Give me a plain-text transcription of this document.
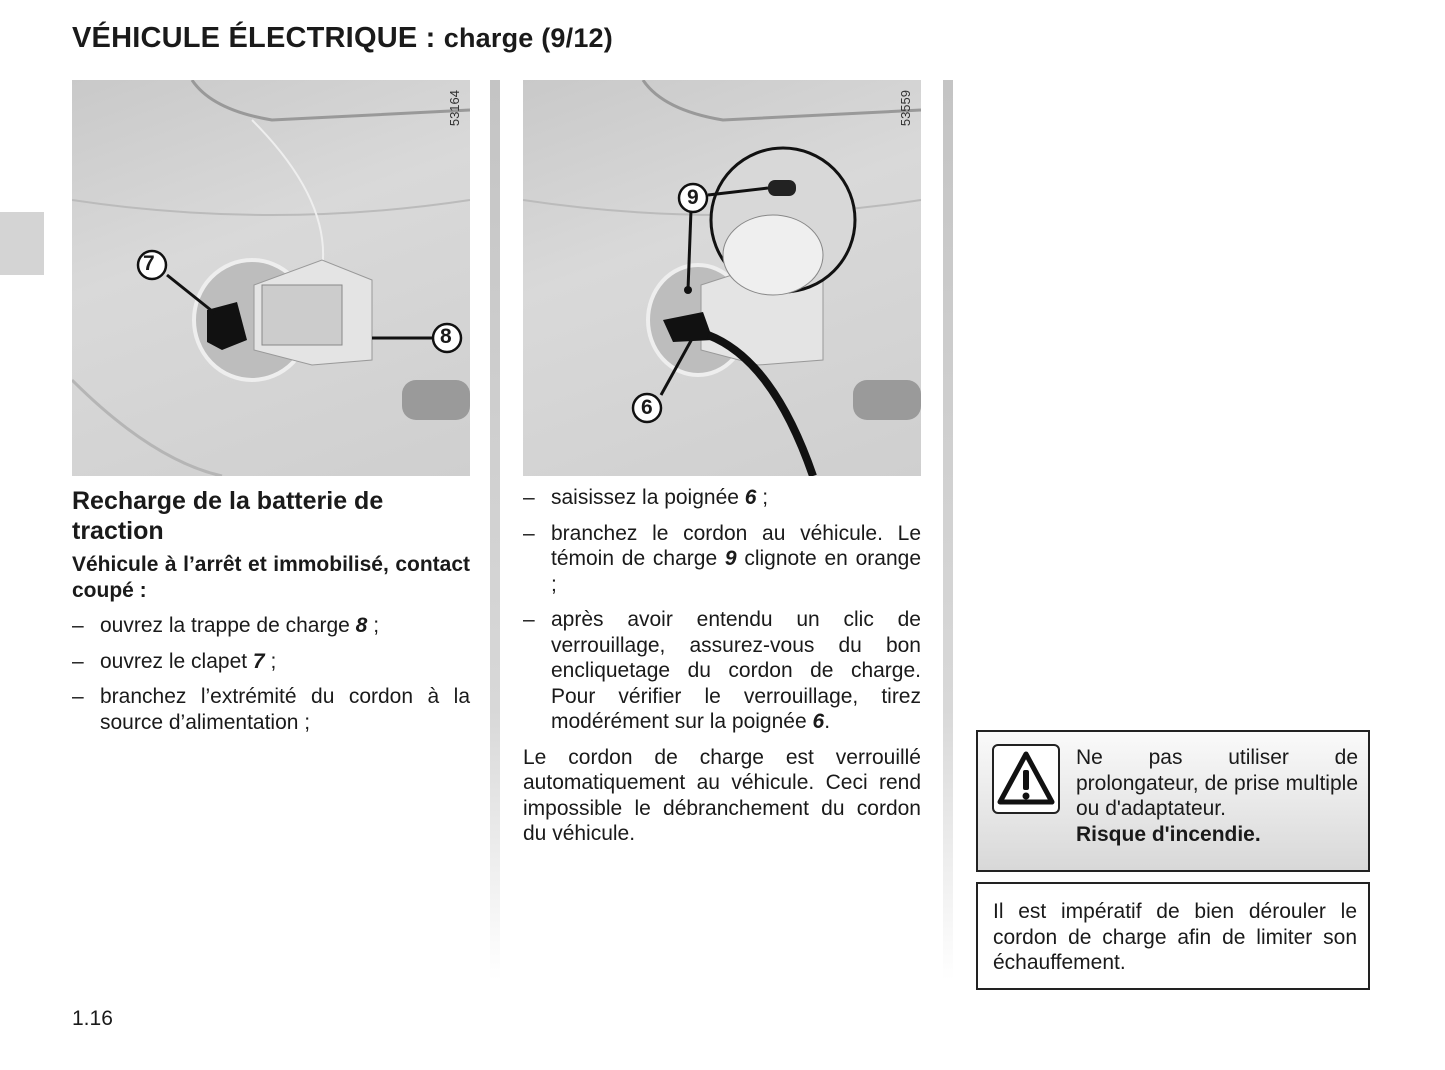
VÉHICULE ÉLECTRIQUE : charge (9/12)
7
8
53164
9
6
53559
Recharge de la batterie de traction

Véhicule à l’arrêt et immobilisé, contact coupé :

– ouvrez la trappe de charge 8 ;
– ouvrez le clapet 7 ;
– branchez l’extrémité du cordon à la source d’alimentation ;
– saisissez la poignée 6 ;
– branchez le cordon au véhicule. Le témoin de charge 9 clignote en orange ;
– après avoir entendu un clic de verrouillage, assurez-vous du bon encliquetage du cordon de charge. Pour vérifier le verrouillage, tirez modérément sur la poignée 6.

Le cordon de charge est verrouillé automatiquement au véhicule. Ceci rend impossible le débranchement du cordon du véhicule.

Ne pas utiliser de prolongateur, de prise multiple ou d'adaptateur.
Risque d'incendie.
Il est impératif de bien dérouler le cordon de charge afin de limiter son échauffement.
1.16
